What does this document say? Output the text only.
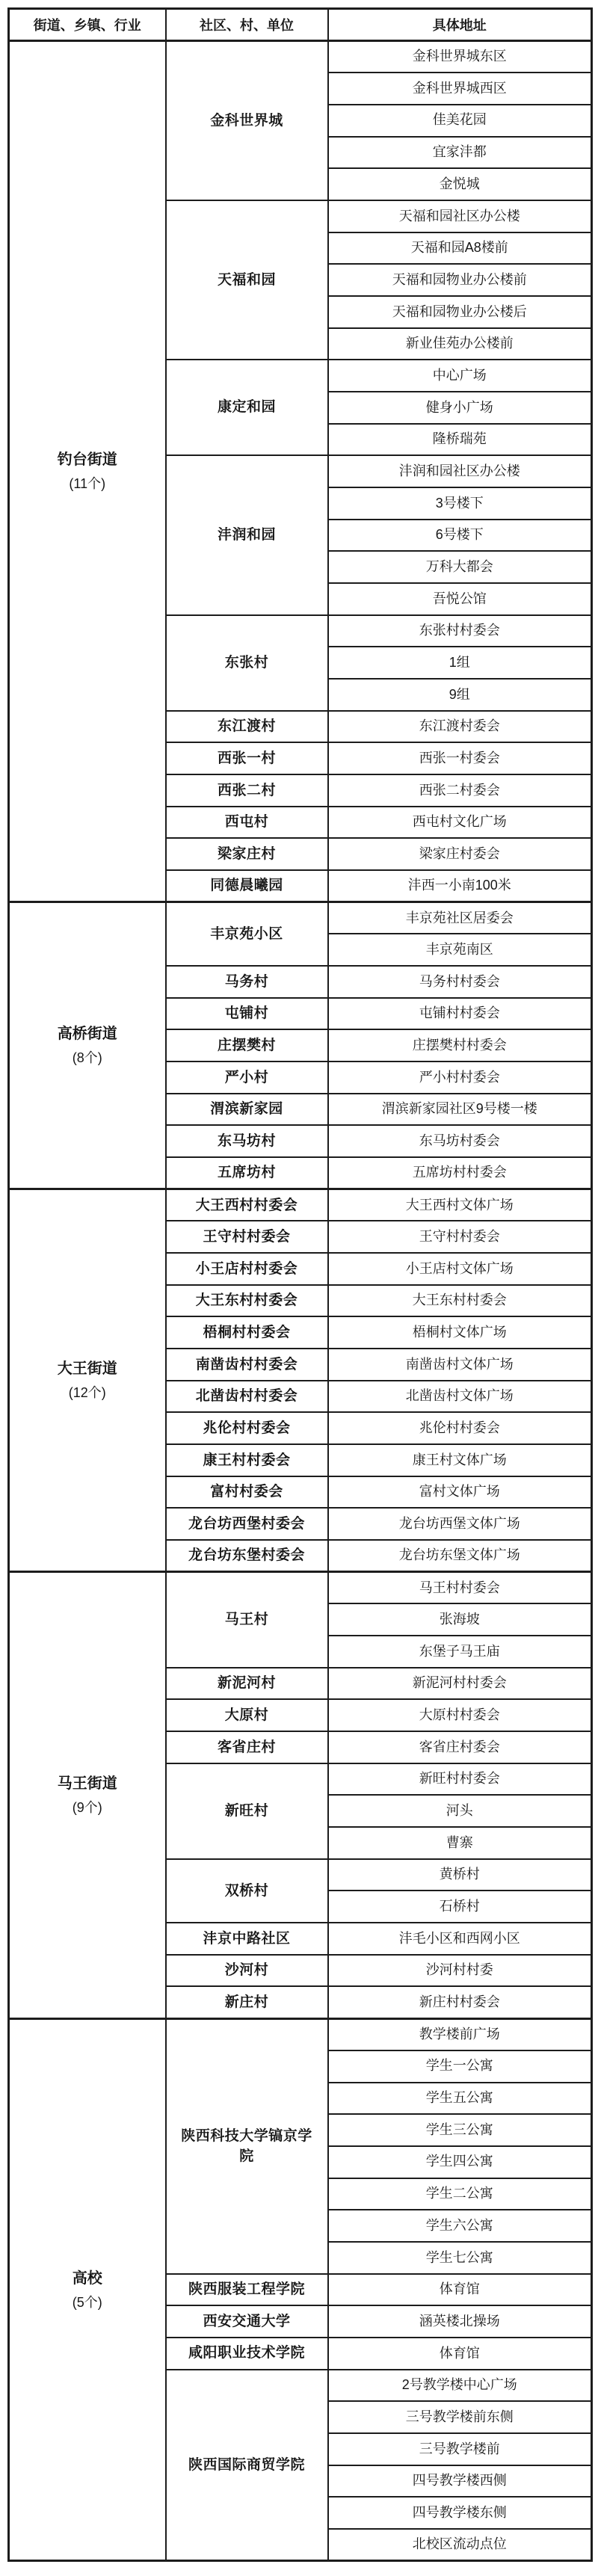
街道、乡镇、行业	社区、村、单位	具体地址

钓台街道
(11个)	金科世界城	金科世界城东区
		金科世界城西区
		佳美花园
		宜家沣都
		金悦城
	天福和园	天福和园社区办公楼
		天福和园A8楼前
		天福和园物业办公楼前
		天福和园物业办公楼后
		新业佳苑办公楼前
	康定和园	中心广场
		健身小广场
		隆桥瑞苑
	沣润和园	沣润和园社区办公楼
		3号楼下
		6号楼下
		万科大都会
		吾悦公馆
	东张村	东张村村委会
		1组
		9组
	东江渡村	东江渡村委会
	西张一村	西张一村委会
	西张二村	西张二村委会
	西屯村	西屯村文化广场
	梁家庄村	梁家庄村委会
	同德晨曦园	沣西一小南100米

高桥街道
(8个)	丰京苑小区	丰京苑社区居委会
		丰京苑南区
	马务村	马务村村委会
	屯铺村	屯铺村村委会
	庄摆樊村	庄摆樊村村委会
	严小村	严小村村委会
	渭滨新家园	渭滨新家园社区9号楼一楼
	东马坊村	东马坊村委会
	五席坊村	五席坊村村委会

大王街道
(12个)	大王西村村委会	大王西村文体广场
	王守村村委会	王守村村委会
	小王店村村委会	小王店村文体广场
	大王东村村委会	大王东村村委会
	梧桐村村委会	梧桐村文体广场
	南凿齿村村委会	南凿齿村文体广场
	北凿齿村村委会	北凿齿村文体广场
	兆伦村村委会	兆伦村村委会
	康王村村委会	康王村文体广场
	富村村委会	富村文体广场
	龙台坊西堡村委会	龙台坊西堡文体广场
	龙台坊东堡村委会	龙台坊东堡文体广场

马王街道
(9个)	马王村	马王村村委会
		张海坡
		东堡子马王庙
	新泥河村	新泥河村村委会
	大原村	大原村村委会
	客省庄村	客省庄村委会
	新旺村	新旺村村委会
		河头
		曹寨
	双桥村	黄桥村
		石桥村
	沣京中路社区	沣毛小区和西网小区
	沙河村	沙河村村委
	新庄村	新庄村村委会

高校
(5个)	陕西科技大学镐京学院	教学楼前广场
		学生一公寓
		学生五公寓
		学生三公寓
		学生四公寓
		学生二公寓
		学生六公寓
		学生七公寓
	陕西服装工程学院	体育馆
	西安交通大学	涵英楼北操场
	咸阳职业技术学院	体育馆
	陕西国际商贸学院	2号教学楼中心广场
		三号教学楼前东侧
		三号教学楼前
		四号教学楼西侧
		四号教学楼东侧
		北校区流动点位
